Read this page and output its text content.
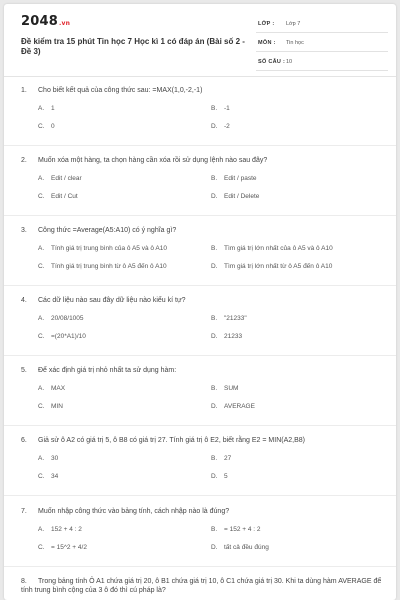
2048.vn
Đề kiểm tra 15 phút Tin học 7 Học kì 1 có đáp án (Bài số 2 - Đề 3)
LỚP : Lớp 7
MÔN : Tin học
SỐ CÂU : 10
1. Cho biết kết quả của công thức sau: =MAX(1,0,-2,-1)
A. 1	B. -1
C. 0	D. -2
2. Muốn xóa một hàng, ta chọn hàng cần xóa rồi sử dụng lệnh nào sau đây?
A. Edit / clear	B. Edit / paste
C. Edit / Cut	D. Edit / Delete
3. Công thức =Average(A5:A10) có ý nghĩa gì?
A. Tính giá trị trung bình của ô A5 và ô A10	B. Tìm giá trị lớn nhất của ô A5 và ô A10
C. Tính giá trị trung bình từ ô A5 đến ô A10	D. Tìm giá trị lớn nhất từ ô A5 đến ô A10
4. Các dữ liệu nào sau đây dữ liệu nào kiểu kí tự?
A. 20/08/1005	B. "21233"
C. =(20*A1)/10	D. 21233
5. Để xác định giá trị nhỏ nhất ta sử dụng hàm:
A. MAX	B. SUM
C. MIN	D. AVERAGE
6. Giả sử ô A2 có giá trị 5, ô B8 có giá trị 27. Tính giá trị ô E2, biết rằng E2 = MIN(A2,B8)
A. 30	B. 27
C. 34	D. 5
7. Muốn nhập công thức vào bảng tính, cách nhập nào là đúng?
A. 152 + 4 : 2	B. = 152 + 4 : 2
C. = 15^2 + 4/2	D. tất cả đều đúng
8. Trong bảng tính Ô A1 chứa giá trị 20, ô B1 chứa giá trị 10, ô C1 chứa giá trị 30. Khi ta dùng hàm AVERAGE để tính trung bình cộng của 3 ô đó thì cú pháp là?
